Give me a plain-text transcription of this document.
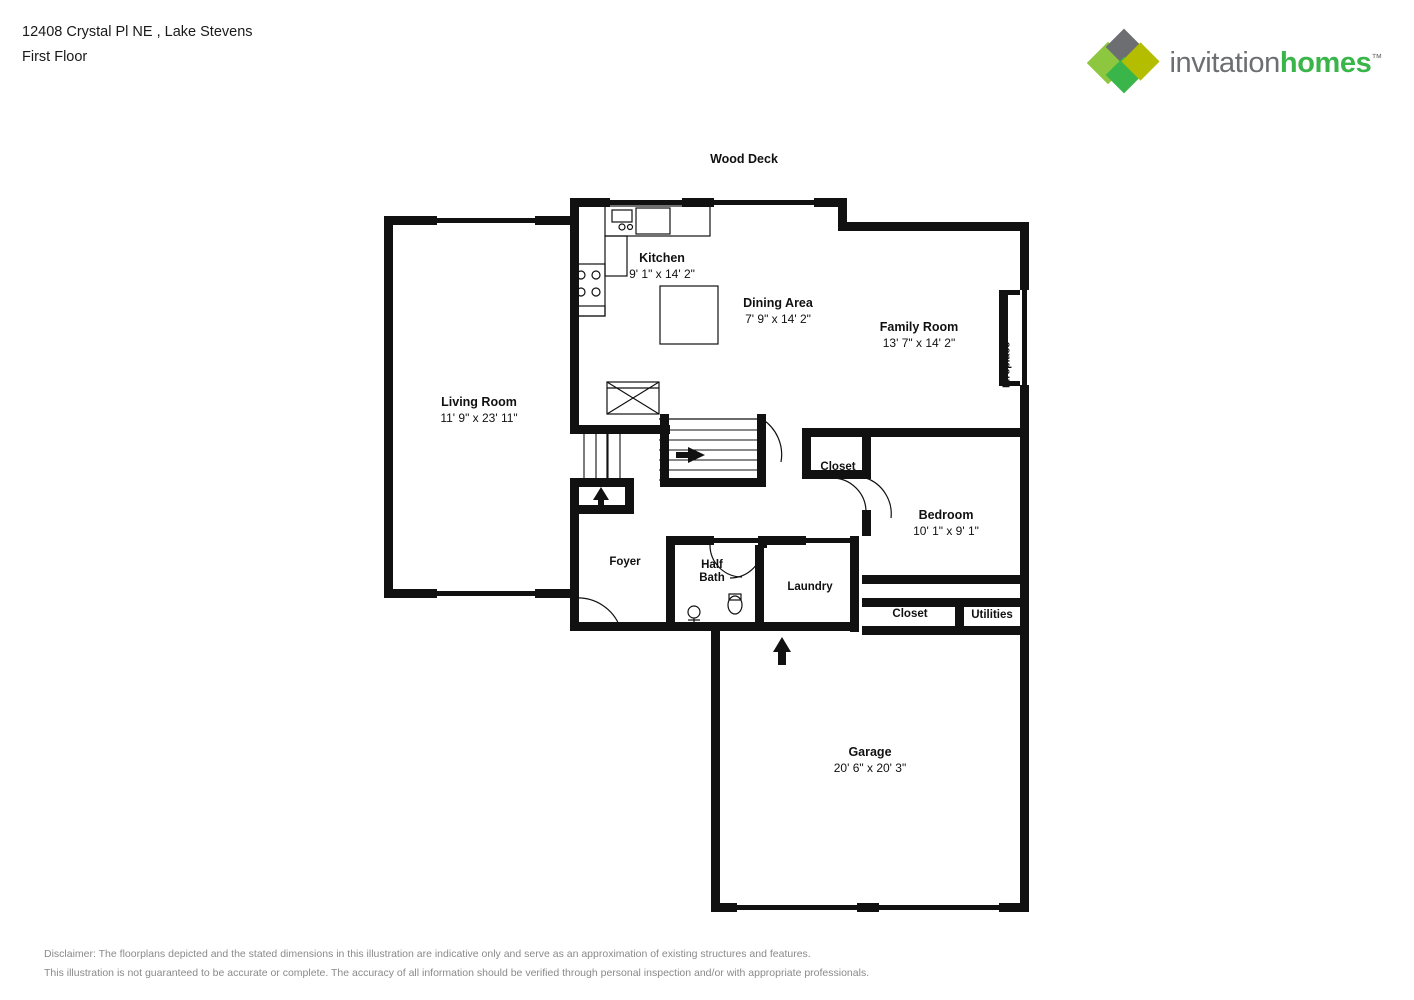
12408 Crystal Pl NE , Lake Stevens
First Floor	invitationhomes™
Wood Deck
Kitchen
9' 1" x 14' 2"
Dining Area
7' 9" x 14' 2"
Family Room
13' 7" x 14' 2"
Living Room
11' 9" x 23' 11"
Bedroom
10' 1" x 9' 1"
Garage
20' 6" x 20' 3"
Closet
Foyer	Half
Bath
Laundry
Closet	Utilities
Fireplace
Disclaimer: The floorplans depicted and the stated dimensions in this illustration are indicative only and serve as an approximation of existing structures and features.
This illustration is not guaranteed to be accurate or complete. The accuracy of all information should be verified through personal inspection and/or with appropriate professionals.
